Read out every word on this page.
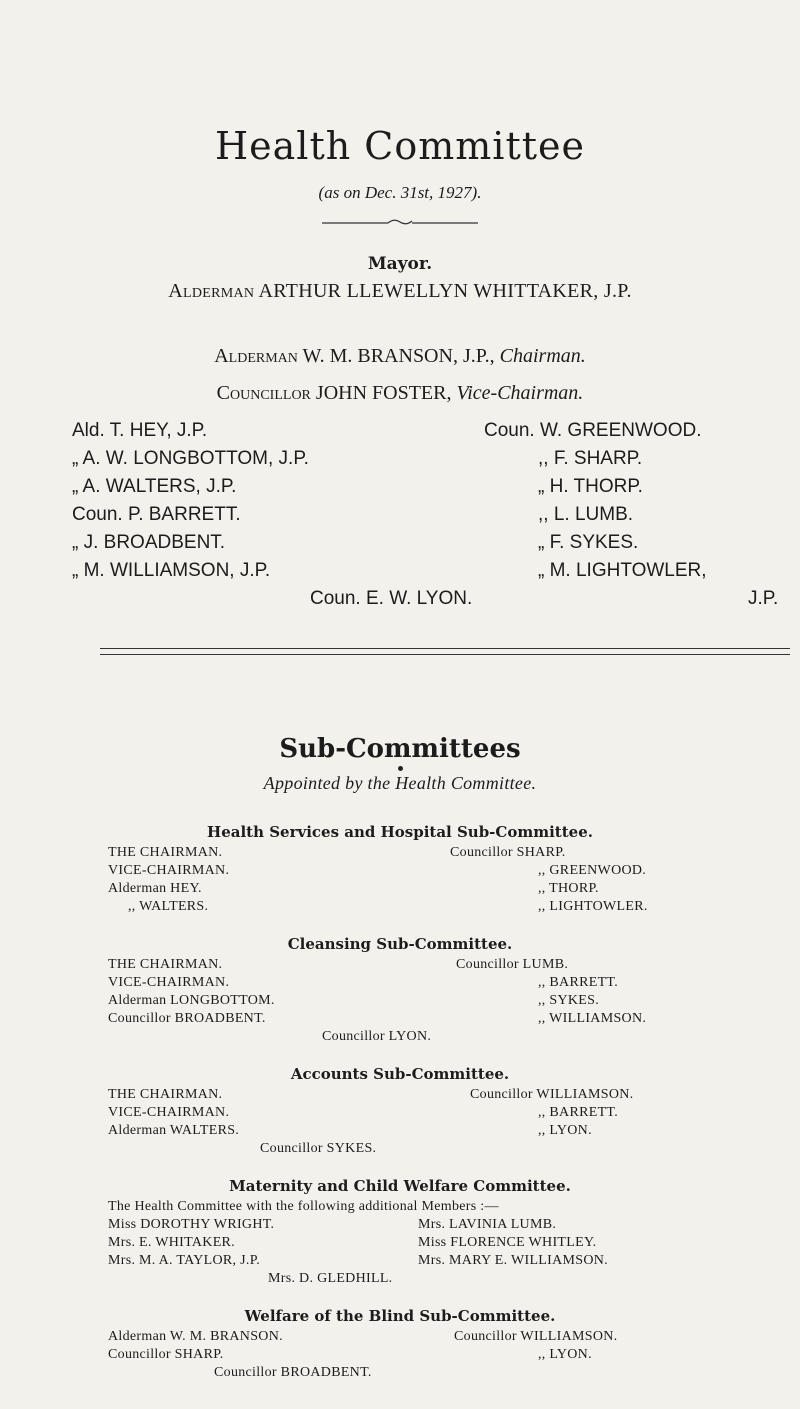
Health Committee
(as on Dec. 31st, 1927).
Mayor.
Alderman ARTHUR LLEWELLYN WHITTAKER, J.P.
Alderman W. M. BRANSON, J.P., Chairman.
Councillor JOHN FOSTER, Vice-Chairman.
Ald. T. HEY, J.P.
„ A. W. LONGBOTTOM, J.P.
„ A. WALTERS, J.P.
Coun. P. BARRETT.
„ J. BROADBENT.
„ M. WILLIAMSON, J.P.
Coun. W. GREENWOOD.
,, F. SHARP.
„ H. THORP.
,, L. LUMB.
„ F. SYKES.
„ M. LIGHTOWLER,
Coun. E. W. LYON.	J.P.
Sub-Committees
Appointed by the Health Committee.
Health Services and Hospital Sub-Committee.
THE CHAIRMAN.
VICE-CHAIRMAN.
Alderman HEY.
,, WALTERS.
Councillor SHARP.
,, GREENWOOD.
,, THORP.
,, LIGHTOWLER.
Cleansing Sub-Committee.
THE CHAIRMAN.
VICE-CHAIRMAN.
Alderman LONGBOTTOM.
Councillor BROADBENT.
Councillor LUMB.
,, BARRETT.
,, SYKES.
,, WILLIAMSON.
Councillor LYON.
Accounts Sub-Committee.
THE CHAIRMAN.
VICE-CHAIRMAN.
Alderman WALTERS.
Councillor WILLIAMSON.
,, BARRETT.
,, LYON.
Councillor SYKES.
Maternity and Child Welfare Committee.
The Health Committee with the following additional Members :—
Miss DOROTHY WRIGHT.
Mrs. E. WHITAKER.
Mrs. M. A. TAYLOR, J.P.
Mrs. LAVINIA LUMB.
Miss FLORENCE WHITLEY.
Mrs. MARY E. WILLIAMSON.
Mrs. D. GLEDHILL.
Welfare of the Blind Sub-Committee.
Alderman W. M. BRANSON.
Councillor SHARP.
Councillor WILLIAMSON.
,, LYON.
Councillor BROADBENT.
